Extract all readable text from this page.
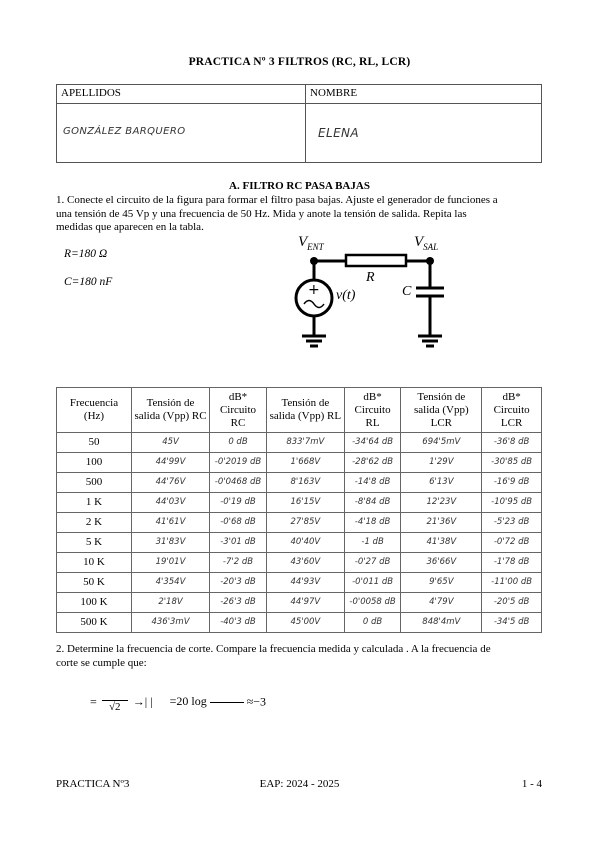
PRACTICA Nº 3 FILTROS (RC, RL, LCR)
APELLIDOS	NOMBRE

GONZÁLEZ BARQUERO	ELENA
A. FILTRO RC PASA BAJAS
1. Conecte el circuito de la figura para formar el filtro pasa bajas. Ajuste el generador de funciones a
una tensión de 45 Vp y una frecuencia de 50 Hz. Mida y anote la tensión de salida. Repita las
medidas que aparecen en la tabla.
R=180 Ω
C=180 nF	+
$V_{ENT}$	$V_{SAL}$
R
C
v(t)
Frecuencia (Hz)	Tensión de salida (Vpp) RC	dB* Circuito RC	Tensión de salida (Vpp) RL	dB* Circuito RL	Tensión de salida (Vpp) LCR	dB* Circuito LCR
50	45V	0 dB	833'7mV	-34'64 dB	694'5mV	-36'8 dB
100	44'99V	-0'2019 dB	1'668V	-28'62 dB	1'29V	-30'85 dB
500	44'76V	-0'0468 dB	8'163V	-14'8 dB	6'13V	-16'9 dB
1 K	44'03V	-0'19 dB	16'15V	-8'84 dB	12'23V	-10'95 dB
2 K	41'61V	-0'68 dB	27'85V	-4'18 dB	21'36V	-5'23 dB
5 K	31'83V	-3'01 dB	40'40V	-1 dB	41'38V	-0'72 dB
10 K	19'01V	-7'2 dB	43'60V	-0'27 dB	36'66V	-1'78 dB
50 K	4'354V	-20'3 dB	44'93V	-0'011 dB	9'65V	-11'00 dB
100 K	2'18V	-26'3 dB	44'97V	-0'0058 dB	4'79V	-20'5 dB
500 K	436'3mV	-40'3 dB	45'00V	0 dB	848'4mV	-34'5 dB
2. Determine la frecuencia de corte. Compare la frecuencia medida y calculada . A la frecuencia de
corte se cumple que:
=	√2	→| | =20 log	≈−3
PRACTICA Nº3	EAP: 2024 - 2025	1 - 4
